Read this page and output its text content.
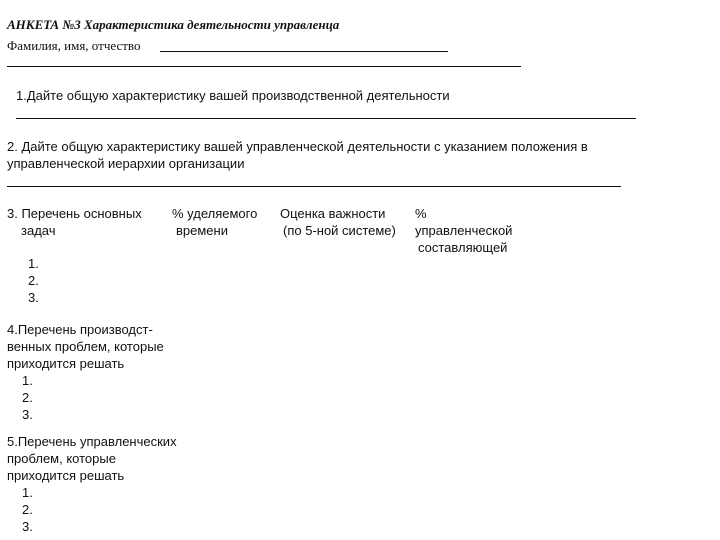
АНКЕТА №3 Характеристика деятельности управленца
Фамилия, имя, отчество
1.Дайте общую характеристику вашей производственной деятельности
2. Дайте общую характеристику вашей управленческой деятельности с указанием положения в
управленческой иерархии организации
3. Перечень основных
задач
% уделяемого
времени
Оценка важности
(по 5-ной системе)
%
управленческой
составляющей
1.
2.
3.
4.Перечень производст-
венных проблем, которые
приходится решать
1.
2.
3.
5.Перечень управленческих
проблем, которые
приходится решать
1.
2.
3.
